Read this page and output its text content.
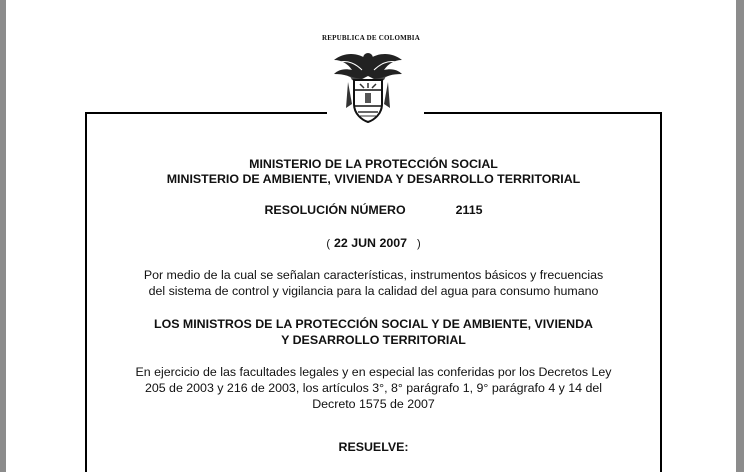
REPUBLICA DE COLOMBIA
MINISTERIO DE LA PROTECCIÓN SOCIAL
MINISTERIO DE AMBIENTE, VIVIENDA Y DESARROLLO TERRITORIAL
RESOLUCIÓN NÚMERO	2115
( 22 JUN 2007 )
Por medio de la cual se señalan características, instrumentos básicos y frecuencias
del sistema de control y vigilancia para la calidad del agua para consumo humano
LOS MINISTROS DE LA PROTECCIÓN SOCIAL Y DE AMBIENTE, VIVIENDA
Y DESARROLLO TERRITORIAL
En ejercicio de las facultades legales y en especial las conferidas por los Decretos Ley
205 de 2003 y 216 de 2003, los artículos 3°, 8° parágrafo 1, 9° parágrafo 4 y 14 del
Decreto 1575 de 2007
RESUELVE:
